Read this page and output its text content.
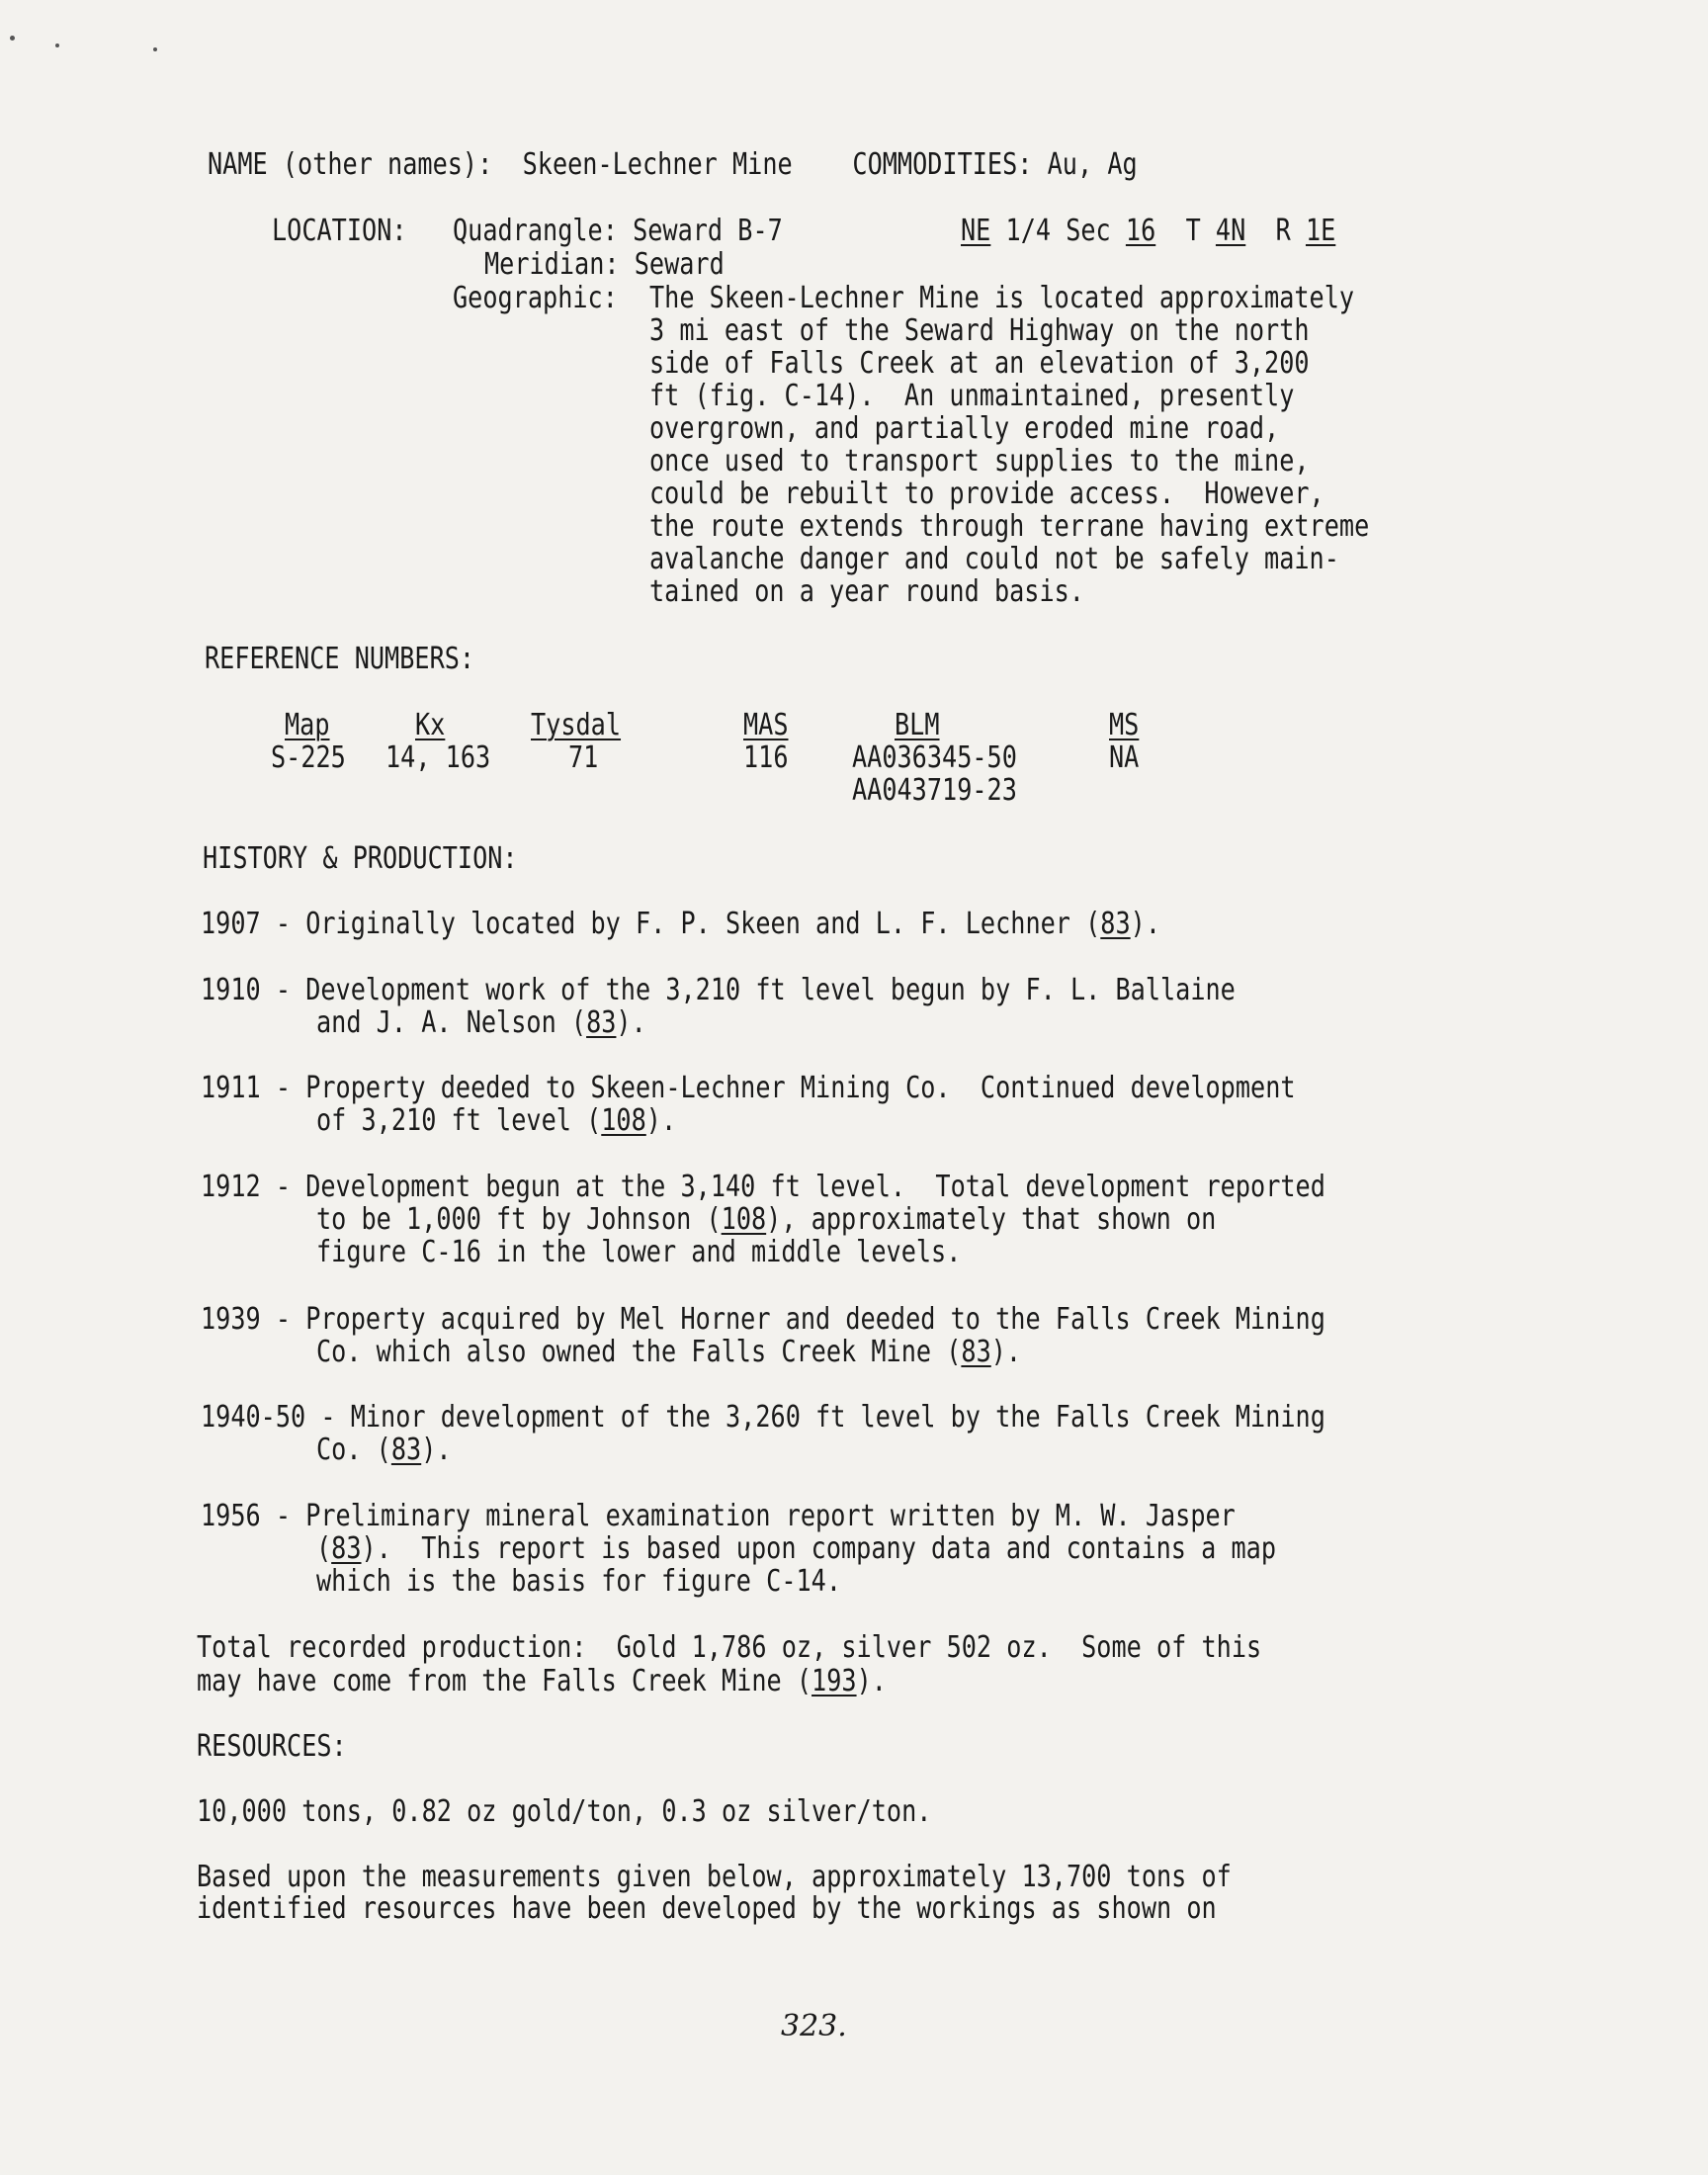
NAME (other names): Skeen-Lechner Mine COMMODITIES: Au, Ag
LOCATION: Quadrangle: Seward B-7	NE 1/4 Sec 16 T 4N R 1E
Meridian: Seward
Geographic: The Skeen-Lechner Mine is located approximately
3 mi east of the Seward Highway on the north
side of Falls Creek at an elevation of 3,200
ft (fig. C-14).  An unmaintained, presently
overgrown, and partially eroded mine road,
once used to transport supplies to the mine,
could be rebuilt to provide access.  However,
the route extends through terrane having extreme
avalanche danger and could not be safely main-
tained on a year round basis.
REFERENCE NUMBERS:
Map
S-225
Kx
14, 163
Tysdal
71
MAS
116
BLM
AA036345-50
AA043719-23
MS
NA
HISTORY & PRODUCTION:
1907 - Originally located by F. P. Skeen and L. F. Lechner (83).
1910 - Development work of the 3,210 ft level begun by F. L. Ballaine
and J. A. Nelson (83).
1911 - Property deeded to Skeen-Lechner Mining Co.  Continued development
of 3,210 ft level (108).
1912 - Development begun at the 3,140 ft level.  Total development reported
to be 1,000 ft by Johnson (108), approximately that shown on
figure C-16 in the lower and middle levels.
1939 - Property acquired by Mel Horner and deeded to the Falls Creek Mining
Co. which also owned the Falls Creek Mine (83).
1940-50 - Minor development of the 3,260 ft level by the Falls Creek Mining
Co. (83).
1956 - Preliminary mineral examination report written by M. W. Jasper
(83).  This report is based upon company data and contains a map
which is the basis for figure C-14.
Total recorded production:  Gold 1,786 oz, silver 502 oz.  Some of this
may have come from the Falls Creek Mine (193).
RESOURCES:
10,000 tons, 0.82 oz gold/ton, 0.3 oz silver/ton.
Based upon the measurements given below, approximately 13,700 tons of
identified resources have been developed by the workings as shown on
323.
